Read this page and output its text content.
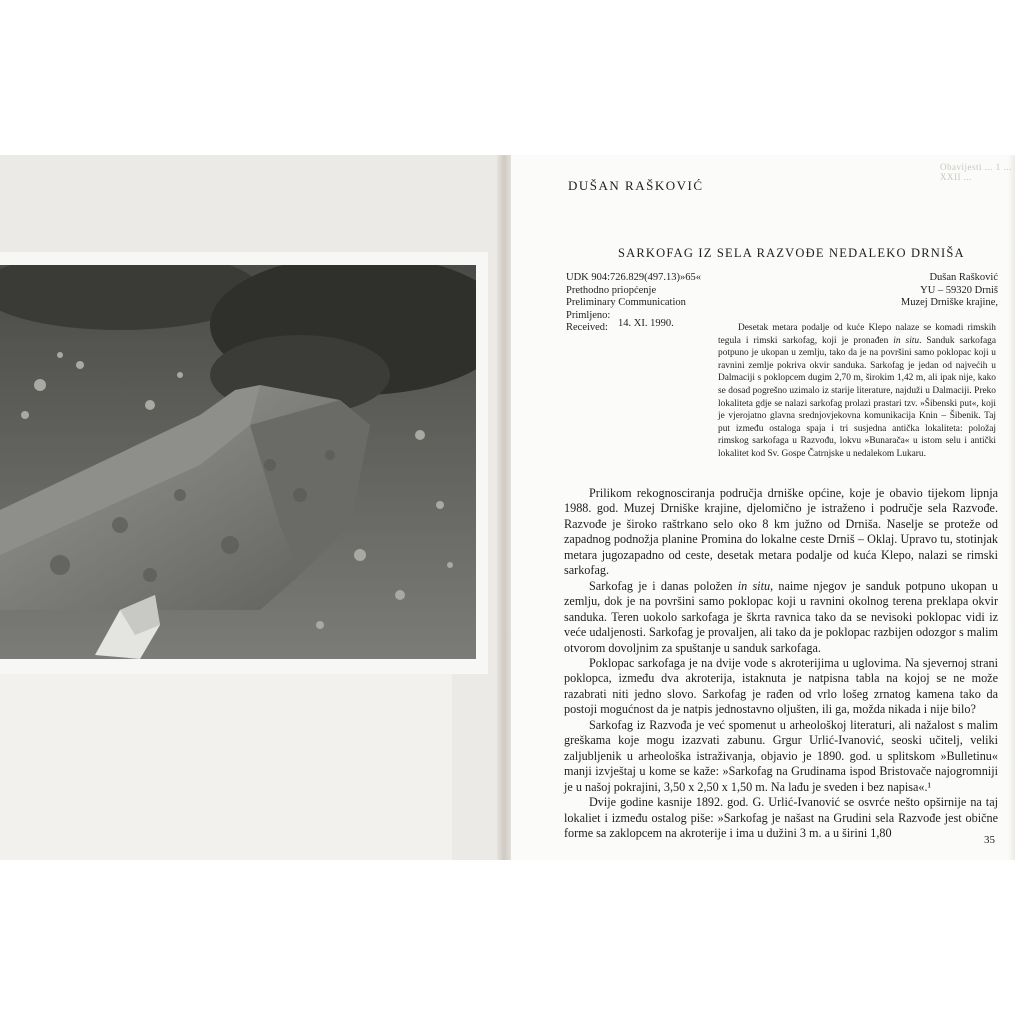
Obavijesti ... 1 ... XXII ...
DUŠAN RAŠKOVIĆ
SARKOFAG IZ SELA RAZVOĐE NEDALEKO DRNIŠA
UDK 904:726.829(497.13)»65«
Prethodno priopćenje
Preliminary Communication
Primljeno:
Received: 14. XI. 1990.
Dušan Rašković
YU – 59320 Drniš
Muzej Drniške krajine,

Desetak metara podalje od kuće Klepo nalaze se komadi rimskih tegula i rimski sarkofag, koji je pronađen in situ. Sanduk sarkofaga potpuno je ukopan u zemlju, tako da je na površini samo poklopac koji u ravnini zemlje pokriva okvir sanduka. Sarkofag je jedan od najvećih u Dalmaciji s poklopcem dugim 2,70 m, širokim 1,42 m, ali ipak nije, kako se dosad pogrešno uzimalo iz starije literature, najduži u Dalmaciji. Preko lokaliteta gdje se nalazi sarkofag prolazi prastari tzv. »Šibenski put«, koji je vjerojatno glavna srednjovjekovna komunikacija Knin – Šibenik. Taj put između ostaloga spaja i tri susjedna antička lokaliteta: položaj rimskog sarkofaga u Razvođu, lokvu »Bunarača« u istom selu i antički lokalitet kod Sv. Gospe Čatrnjske u nedalekom Lukaru.

Prilikom rekognosciranja područja drniške općine, koje je obavio tijekom lipnja 1988. god. Muzej Drniške krajine, djelomično je istraženo i područje sela Razvođe. Razvođe je široko raštrkano selo oko 8 km južno od Drniša. Naselje se proteže od zapadnog podnožja planine Promina do lokalne ceste Drniš – Oklaj. Upravo tu, stotinjak metara jugozapadno od ceste, desetak metara podalje od kuća Klepo, nalazi se rimski sarkofag.

Sarkofag je i danas položen in situ, naime njegov je sanduk potpuno ukopan u zemlju, dok je na površini samo poklopac koji u ravnini okolnog terena preklapa okvir sanduka. Teren uokolo sarkofaga je škrta ravnica tako da se nevisoki poklopac vidi iz veće udaljenosti. Sarkofag je provaljen, ali tako da je poklopac razbijen odozgor s malim otvorom dovoljnim za spuštanje u sanduk sarkofaga.

Poklopac sarkofaga je na dvije vode s akroterijima u uglovima. Na sjevernoj strani poklopca, između dva akroterija, istaknuta je natpisna tabla na kojoj se ne može razabrati niti jedno slovo. Sarkofag je rađen od vrlo lošeg zrnatog kamena tako da postoji mogućnost da je natpis jednostavno oljušten, ili ga, možda nikada i nije bilo?

Sarkofag iz Razvođa je već spomenut u arheološkoj literaturi, ali nažalost s malim greškama koje mogu izazvati zabunu. Grgur Urlić-Ivanović, seoski učitelj, veliki zaljubljenik u arheološka istraživanja, objavio je 1890. god. u splitskom »Bulletinu« manji izvještaj u kome se kaže: »Sarkofag na Grudinama ispod Bristovače najogromniji je u našoj pokrajini, 3,50 x 2,50 x 1,50 m. Na lađu je sveden i bez napisa«.¹

Dvije godine kasnije 1892. god. G. Urlić-Ivanović se osvrće nešto opširnije na taj lokaliet i između ostalog piše: »Sarkofag je našast na Grudini sela Razvođe jest obične forme sa zaklopcem na akroterije i ima u dužini 3 m. a u širini 1,80

35
